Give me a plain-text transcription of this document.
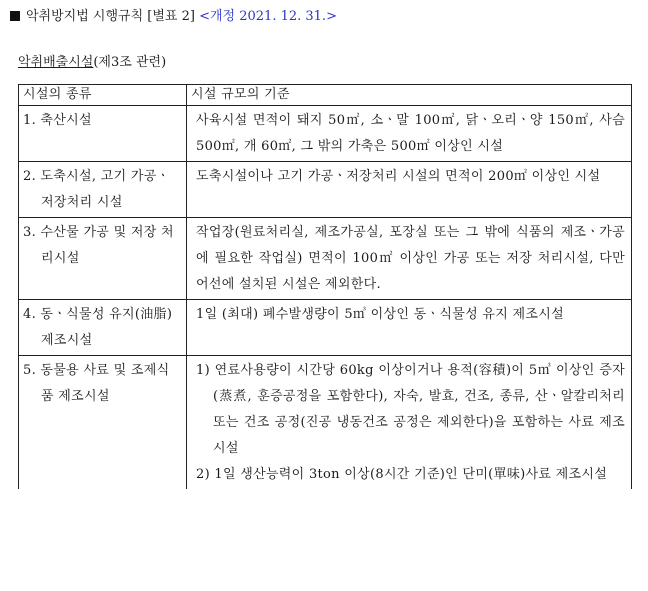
악취방지법 시행규칙 [별표 2] <개정 2021. 12. 31.>
악취배출시설(제3조 관련)
시설의 종류	시설 규모의 기준

1. 축산시설	사육시설 면적이 돼지 50㎡, 소ㆍ말 100㎡, 닭ㆍ오리ㆍ양 150㎡, 사슴 500㎡, 개 60㎡, 그 밖의 가축은 500㎡ 이상인 시설

2. 도축시설, 고기 가공ㆍ저장처리 시설	도축시설이나 고기 가공ㆍ저장처리 시설의 면적이 200㎡ 이상인 시설

3. 수산물 가공 및 저장 처리시설	작업장(원료처리실, 제조가공실, 포장실 또는 그 밖에 식품의 제조ㆍ가공에 필요한 작업실) 면적이 100㎡ 이상인 가공 또는 저장 처리시설, 다만 어선에 설치된 시설은 제외한다.

4. 동ㆍ식물성 유지(油脂) 제조시설	1일 (최대) 폐수발생량이 5㎥ 이상인 동ㆍ식물성 유지 제조시설

5. 동물용 사료 및 조제식품 제조시설	1) 연료사용량이 시간당 60kg 이상이거나 용적(容積)이 5㎥ 이상인 증자(蒸煮, 훈증공정을 포함한다), 자숙, 발효, 건조, 종류, 산ㆍ알칼리처리 또는 건조 공정(진공 냉동건조 공정은 제외한다)을 포함하는 사료 제조시설
2) 1일 생산능력이 3ton 이상(8시간 기준)인 단미(單味)사료 제조시설
